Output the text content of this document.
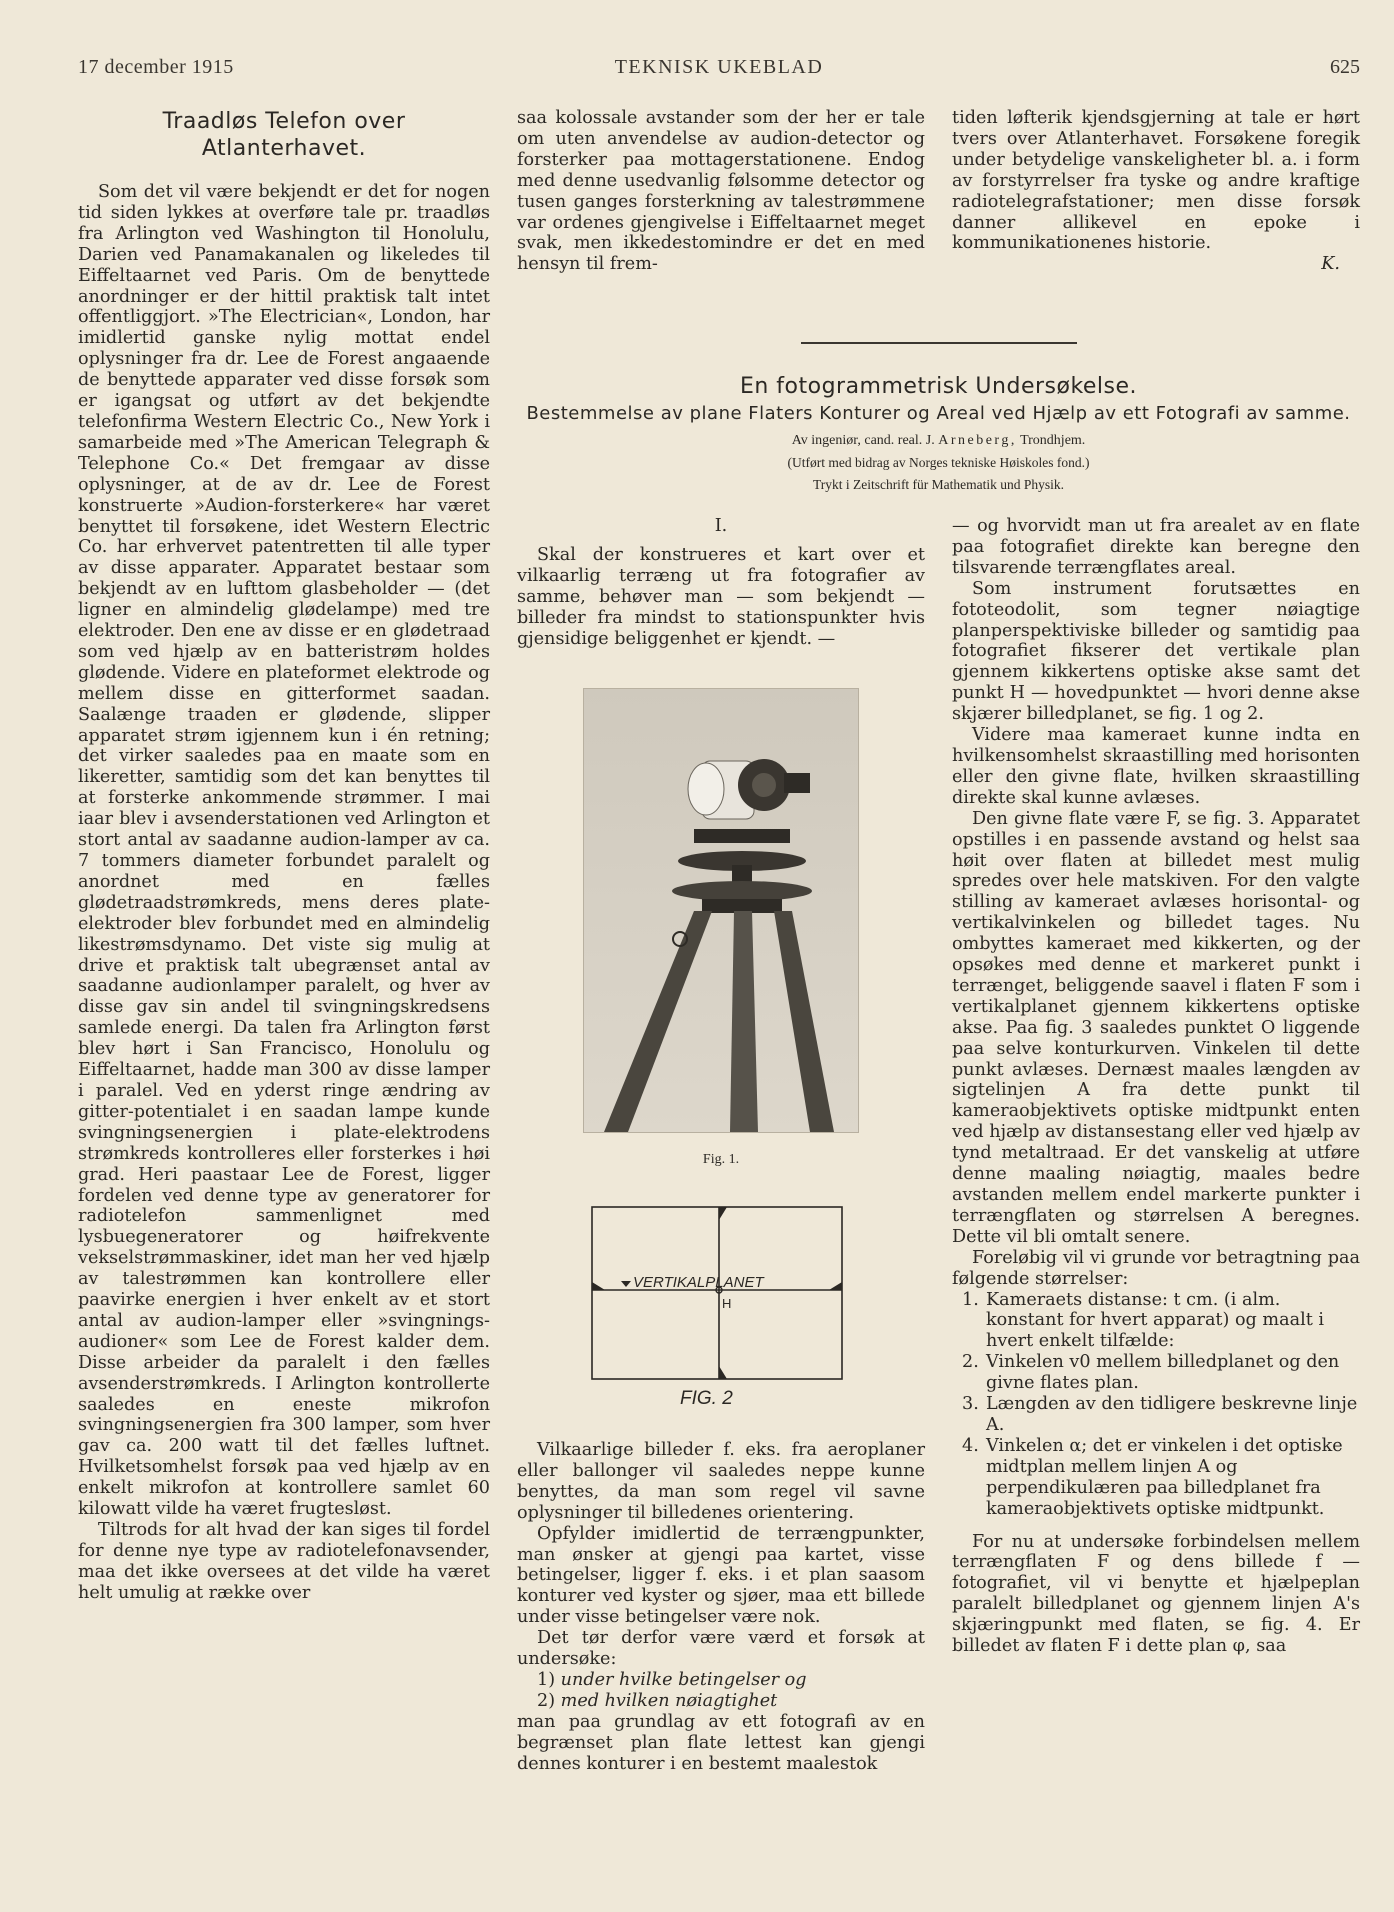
17 december 1915	TEKNISK UKEBLAD	625

Traadløs Telefon over Atlanterhavet.

Som det vil være bekjendt er det for nogen tid siden lykkes at overføre tale pr. traadløs fra Arlington ved Washington til Honolulu, Darien ved Panamakanalen og likeledes til Eiffeltaarnet ved Paris. Om de benyttede anordninger er der hittil praktisk talt intet offentliggjort. »The Electrician«, London, har imidlertid ganske nylig mottat endel oplysninger fra dr. Lee de Forest angaaende de benyttede apparater ved disse forsøk som er igangsat og utført av det bekjendte telefonfirma Western Electric Co., New York i samarbeide med »The American Telegraph & Telephone Co.« Det fremgaar av disse oplysninger, at de av dr. Lee de Forest konstruerte »Audion-forsterkere« har været benyttet til forsøkene, idet Western Electric Co. har erhvervet patentretten til alle typer av disse apparater. Apparatet bestaar som bekjendt av en lufttom glasbeholder — (det ligner en almindelig glødelampe) med tre elektroder. Den ene av disse er en glødetraad som ved hjælp av en batteristrøm holdes glødende. Videre en plateformet elektrode og mellem disse en gitterformet saadan. Saalænge traaden er glødende, slipper apparatet strøm igjennem kun i én retning; det virker saaledes paa en maate som en likeretter, samtidig som det kan benyttes til at forsterke ankommende strømmer. I mai iaar blev i avsenderstationen ved Arlington et stort antal av saadanne audion-lamper av ca. 7 tommers diameter forbundet paralelt og anordnet med en fælles glødetraadstrømkreds, mens deres plate-elektroder blev forbundet med en almindelig likestrømsdynamo. Det viste sig mulig at drive et praktisk talt ubegrænset antal av saadanne audionlamper paralelt, og hver av disse gav sin andel til svingningskredsens samlede energi. Da talen fra Arlington først blev hørt i San Francisco, Honolulu og Eiffeltaarnet, hadde man 300 av disse lamper i paralel. Ved en yderst ringe ændring av gitter-potentialet i en saadan lampe kunde svingningsenergien i plate-elektrodens strømkreds kontrolleres eller forsterkes i høi grad. Heri paastaar Lee de Forest, ligger fordelen ved denne type av generatorer for radiotelefon sammenlignet med lysbuegeneratorer og høifrekvente vekselstrømmaskiner, idet man her ved hjælp av talestrømmen kan kontrollere eller paavirke energien i hver enkelt av et stort antal av audion-lamper eller »svingnings-audioner« som Lee de Forest kalder dem. Disse arbeider da paralelt i den fælles avsenderstrømkreds. I Arlington kontrollerte saaledes en eneste mikrofon svingningsenergien fra 300 lamper, som hver gav ca. 200 watt til det fælles luftnet. Hvilketsomhelst forsøk paa ved hjælp av en enkelt mikrofon at kontrollere samlet 60 kilowatt vilde ha været frugtesløst.

Tiltrods for alt hvad der kan siges til fordel for denne nye type av radiotelefonavsender, maa det ikke oversees at det vilde ha været helt umulig at række over

saa kolossale avstander som der her er tale om uten anvendelse av audion-detector og forsterker paa mottagerstationene. Endog med denne usedvanlig følsomme detector og tusen ganges forsterkning av talestrømmene var ordenes gjengivelse i Eiffeltaarnet meget svak, men ikkedestomindre er det en med hensyn til frem-

tiden løfterik kjendsgjerning at tale er hørt tvers over Atlanterhavet. Forsøkene foregik under betydelige vanskeligheter bl. a. i form av forstyrrelser fra tyske og andre kraftige radiotelegrafstationer; men disse forsøk danner allikevel en epoke i kommunikationenes historie.

K.

En fotogrammetrisk Undersøkelse.
Bestemmelse av plane Flaters Konturer og Areal ved Hjælp av ett Fotografi av samme.
Av ingeniør, cand. real. J. Arneberg, Trondhjem.
(Utført med bidrag av Norges tekniske Høiskoles fond.)
Trykt i Zeitschrift für Mathematik und Physik.

I.

Skal der konstrueres et kart over et vilkaarlig terræng ut fra fotografier av samme, behøver man — som bekjendt — billeder fra mindst to stationspunkter hvis gjensidige beliggenhet er kjendt. —

Fig. 1.
VERTIKALPLANET
H
FIG. 2

Vilkaarlige billeder f. eks. fra aeroplaner eller ballonger vil saaledes neppe kunne benyttes, da man som regel vil savne oplysninger til billedenes orientering.

Opfylder imidlertid de terrængpunkter, man ønsker at gjengi paa kartet, visse betingelser, ligger f. eks. i et plan saasom konturer ved kyster og sjøer, maa ett billede under visse betingelser være nok.

Det tør derfor være værd et forsøk at undersøke:

1) under hvilke betingelser og

2) med hvilken nøiagtighet

man paa grundlag av ett fotografi av en begrænset plan flate lettest kan gjengi dennes konturer i en bestemt maalestok

— og hvorvidt man ut fra arealet av en flate paa fotografiet direkte kan beregne den tilsvarende terrængflates areal.

Som instrument forutsættes en fototeodolit, som tegner nøiagtige planperspektiviske billeder og samtidig paa fotografiet fikserer det vertikale plan gjennem kikkertens optiske akse samt det punkt H — hovedpunktet — hvori denne akse skjærer billedplanet, se fig. 1 og 2.

Videre maa kameraet kunne indta en hvilkensomhelst skraastilling med horisonten eller den givne flate, hvilken skraastilling direkte skal kunne avlæses.

Den givne flate være F, se fig. 3. Apparatet opstilles i en passende avstand og helst saa høit over flaten at billedet mest mulig spredes over hele matskiven. For den valgte stilling av kameraet avlæses horisontal- og vertikalvinkelen og billedet tages. Nu ombyttes kameraet med kikkerten, og der opsøkes med denne et markeret punkt i terrænget, beliggende saavel i flaten F som i vertikalplanet gjennem kikkertens optiske akse. Paa fig. 3 saaledes punktet O liggende paa selve konturkurven. Vinkelen til dette punkt avlæses. Dernæst maales længden av sigtelinjen A fra dette punkt til kameraobjektivets optiske midtpunkt enten ved hjælp av distansestang eller ved hjælp av tynd metaltraad. Er det vanskelig at utføre denne maaling nøiagtig, maales bedre avstanden mellem endel markerte punkter i terrængflaten og størrelsen A beregnes. Dette vil bli omtalt senere.

Foreløbig vil vi grunde vor betragtning paa følgende størrelser:

1. Kameraets distanse: t cm. (i alm. konstant for hvert apparat) og maalt i hvert enkelt tilfælde:
2. Vinkelen v0 mellem billedplanet og den givne flates plan.
3. Længden av den tidligere beskrevne linje A.
4. Vinkelen α; det er vinkelen i det optiske midtplan mellem linjen A og perpendikulæren paa billedplanet fra kameraobjektivets optiske midtpunkt.

For nu at undersøke forbindelsen mellem terrængflaten F og dens billede f — fotografiet, vil vi benytte et hjælpeplan paralelt billedplanet og gjennem linjen A's skjæringpunkt med flaten, se fig. 4. Er billedet av flaten F i dette plan φ, saa
